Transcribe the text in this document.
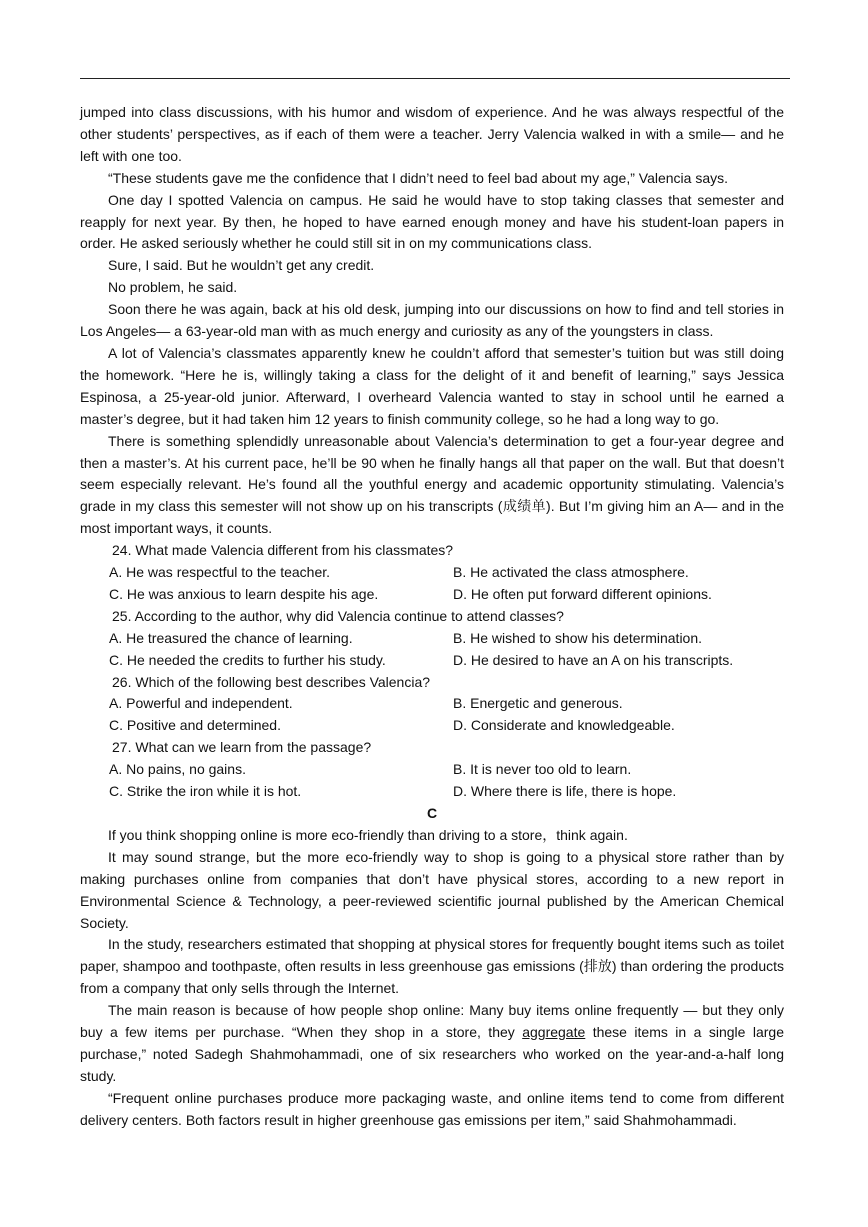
jumped into class discussions, with his humor and wisdom of experience. And he was always respectful of the other students’ perspectives, as if each of them were a teacher. Jerry Valencia walked in with a smile— and he left with one too.

“These students gave me the confidence that I didn’t need to feel bad about my age,” Valencia says.

One day I spotted Valencia on campus. He said he would have to stop taking classes that semester and reapply for next year. By then, he hoped to have earned enough money and have his student-loan papers in order. He asked seriously whether he could still sit in on my communications class.

Sure, I said. But he wouldn’t get any credit.

No problem, he said.

Soon there he was again, back at his old desk, jumping into our discussions on how to find and tell stories in Los Angeles— a 63-year-old man with as much energy and curiosity as any of the youngsters in class.

A lot of Valencia’s classmates apparently knew he couldn’t afford that semester’s tuition but was still doing the homework. “Here he is, willingly taking a class for the delight of it and benefit of learning,” says Jessica Espinosa, a 25-year-old junior. Afterward, I overheard Valencia wanted to stay in school until he earned a master’s degree, but it had taken him 12 years to finish community college, so he had a long way to go.

There is something splendidly unreasonable about Valencia’s determination to get a four-year degree and then a master’s. At his current pace, he’ll be 90 when he finally hangs all that paper on the wall. But that doesn’t seem especially relevant. He’s found all the youthful energy and academic opportunity stimulating. Valencia’s grade in my class this semester will not show up on his transcripts (成绩单). But I’m giving him an A— and in the most important ways, it counts.

24. What made Valencia different from his classmates?

A. He was respectful to the teacher.	B. He activated the class atmosphere.
C. He was anxious to learn despite his age.	D. He often put forward different opinions.

25. According to the author, why did Valencia continue to attend classes?

A. He treasured the chance of learning.	B. He wished to show his determination.
C. He needed the credits to further his study.	D. He desired to have an A on his transcripts.

26. Which of the following best describes Valencia?

A. Powerful and independent.	B. Energetic and generous.
C. Positive and determined.	D. Considerate and knowledgeable.

27. What can we learn from the passage?

A. No pains, no gains.	B. It is never too old to learn.
C. Strike the iron while it is hot.	D. Where there is life, there is hope.

C

If you think shopping online is more eco-friendly than driving to a store，think again.

It may sound strange, but the more eco-friendly way to shop is going to a physical store rather than by making purchases online from companies that don’t have physical stores, according to a new report in Environmental Science & Technology, a peer-reviewed scientific journal published by the American Chemical Society.

In the study, researchers estimated that shopping at physical stores for frequently bought items such as toilet paper, shampoo and toothpaste, often results in less greenhouse gas emissions (排放) than ordering the products from a company that only sells through the Internet.

The main reason is because of how people shop online: Many buy items online frequently — but they only buy a few items per purchase. “When they shop in a store, they aggregate these items in a single large purchase,” noted Sadegh Shahmohammadi, one of six researchers who worked on the year-and-a-half long study.

“Frequent online purchases produce more packaging waste, and online items tend to come from different delivery centers. Both factors result in higher greenhouse gas emissions per item,” said Shahmohammadi.
